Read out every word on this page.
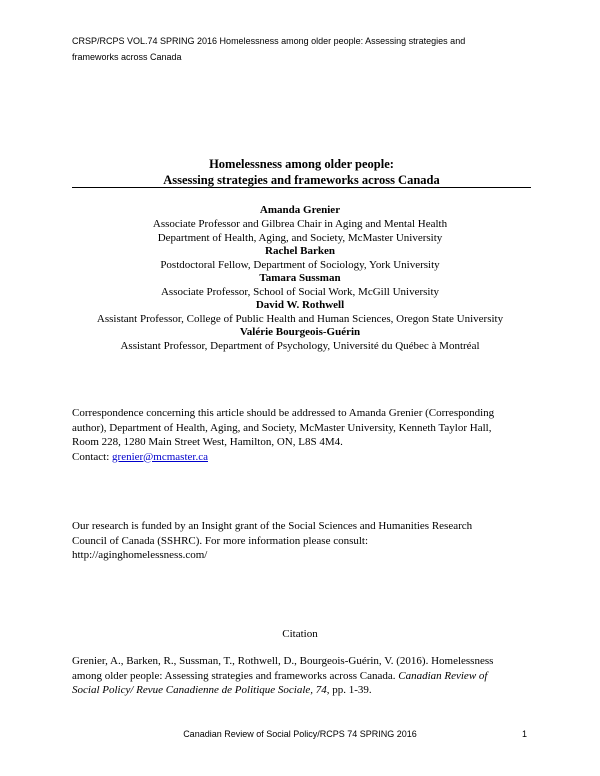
CRSP/RCPS VOL.74 SPRING 2016 Homelessness among older people: Assessing strategies and
frameworks across Canada
Homelessness among older people:
Assessing strategies and frameworks across Canada
Amanda Grenier
Associate Professor and Gilbrea Chair in Aging and Mental Health
Department of Health, Aging, and Society, McMaster University
Rachel Barken
Postdoctoral Fellow, Department of Sociology, York University
Tamara Sussman
Associate Professor, School of Social Work, McGill University
David W. Rothwell
Assistant Professor, College of Public Health and Human Sciences, Oregon State University
Valérie Bourgeois-Guérin
Assistant Professor, Department of Psychology, Université du Québec à Montréal
Correspondence concerning this article should be addressed to Amanda Grenier (Corresponding
author), Department of Health, Aging, and Society, McMaster University, Kenneth Taylor Hall,
Room 228, 1280 Main Street West, Hamilton, ON, L8S 4M4.
Contact: grenier@mcmaster.ca
Our research is funded by an Insight grant of the Social Sciences and Humanities Research
Council of Canada (SSHRC). For more information please consult:
http://aginghomelessness.com/
Citation
Grenier, A., Barken, R., Sussman, T., Rothwell, D., Bourgeois-Guérin, V. (2016). Homelessness
among older people: Assessing strategies and frameworks across Canada. Canadian Review of
Social Policy/ Revue Canadienne de Politique Sociale, 74, pp. 1-39.
Canadian Review of Social Policy/RCPS 74 SPRING 2016	1
